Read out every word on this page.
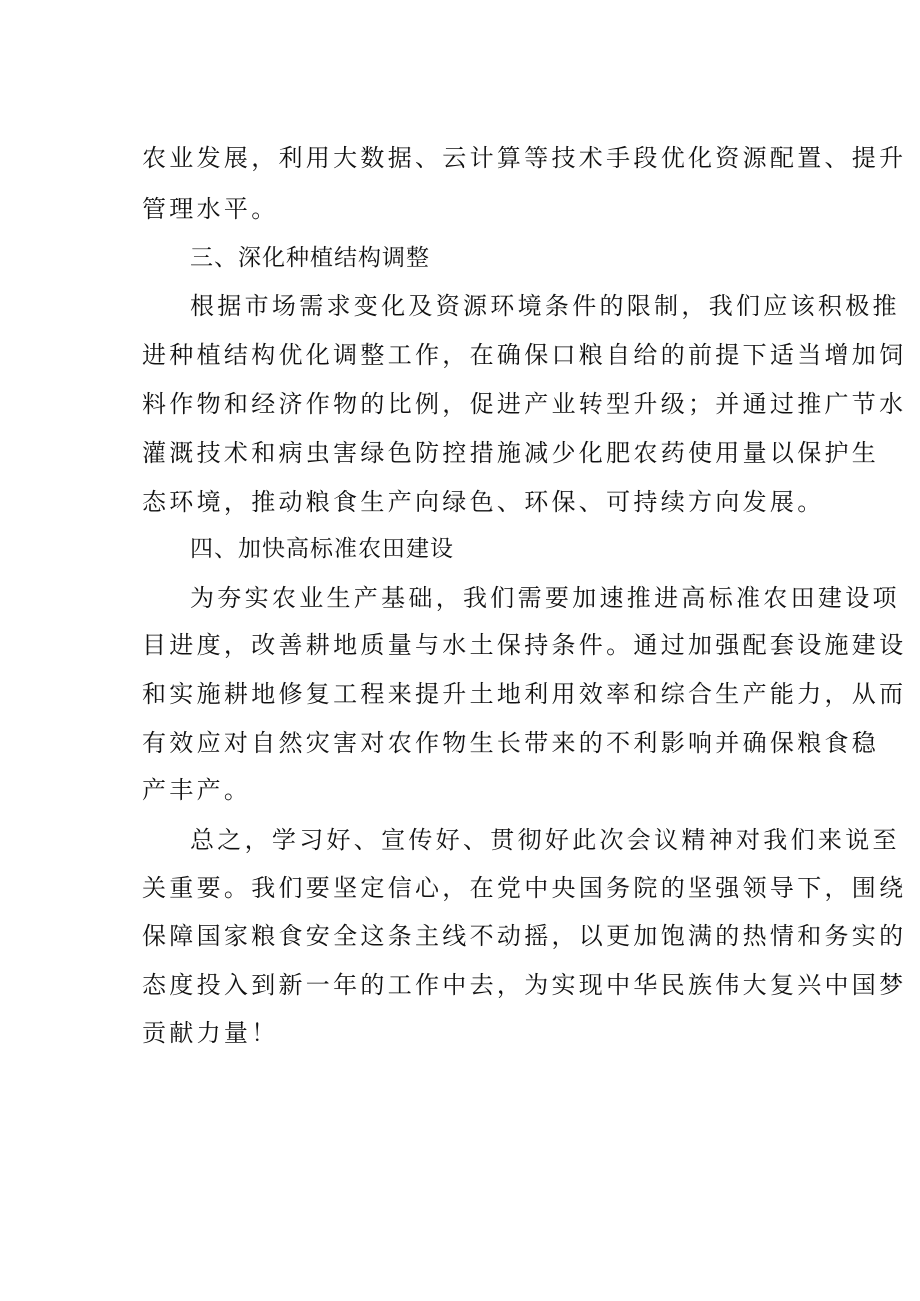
农业发展，利用大数据、云计算等技术手段优化资源配置、提升
管理水平。
三、深化种植结构调整
根据市场需求变化及资源环境条件的限制，我们应该积极推
进种植结构优化调整工作，在确保口粮自给的前提下适当增加饲
料作物和经济作物的比例，促进产业转型升级；并通过推广节水
灌溉技术和病虫害绿色防控措施减少化肥农药使用量以保护生
态环境，推动粮食生产向绿色、环保、可持续方向发展。
四、加快高标准农田建设
为夯实农业生产基础，我们需要加速推进高标准农田建设项
目进度，改善耕地质量与水土保持条件。通过加强配套设施建设
和实施耕地修复工程来提升土地利用效率和综合生产能力，从而
有效应对自然灾害对农作物生长带来的不利影响并确保粮食稳
产丰产。
总之，学习好、宣传好、贯彻好此次会议精神对我们来说至
关重要。我们要坚定信心，在党中央国务院的坚强领导下，围绕
保障国家粮食安全这条主线不动摇，以更加饱满的热情和务实的
态度投入到新一年的工作中去，为实现中华民族伟大复兴中国梦
贡献力量！
